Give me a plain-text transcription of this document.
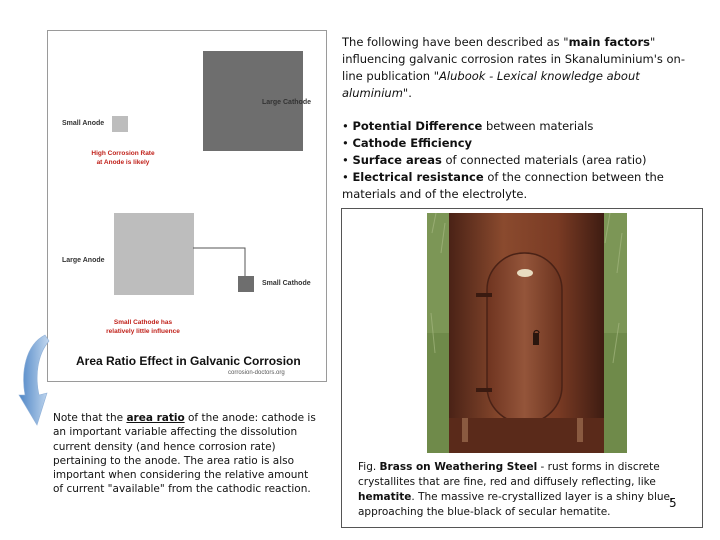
Large Cathode
Small Anode
High Corrosion Rate
at Anode is likely
Large Anode
Small Cathode
Small Cathode has
relatively little influence
Area Ratio Effect in Galvanic Corrosion
corrosion-doctors.org
The following have been described as "main factors" influencing galvanic corrosion rates in Skanaluminium's on-line publication "Alubook - Lexical knowledge about aluminium".
• Potential Difference between materials
• Cathode Efficiency
• Surface areas of connected materials (area ratio)
• Electrical resistance of the connection between the materials and of the electrolyte.
Fig. Brass on Weathering Steel - rust forms in discrete crystallites that are fine, red and diffusely reflecting, like hematite. The massive re-crystallized layer is a shiny blue, approaching the blue-black of secular hematite.
Note that the area ratio of the anode: cathode is an important variable affecting the dissolution current density (and hence corrosion rate) pertaining to the anode. The area ratio is also important when considering the relative amount of current "available" from the cathodic reaction.
5
